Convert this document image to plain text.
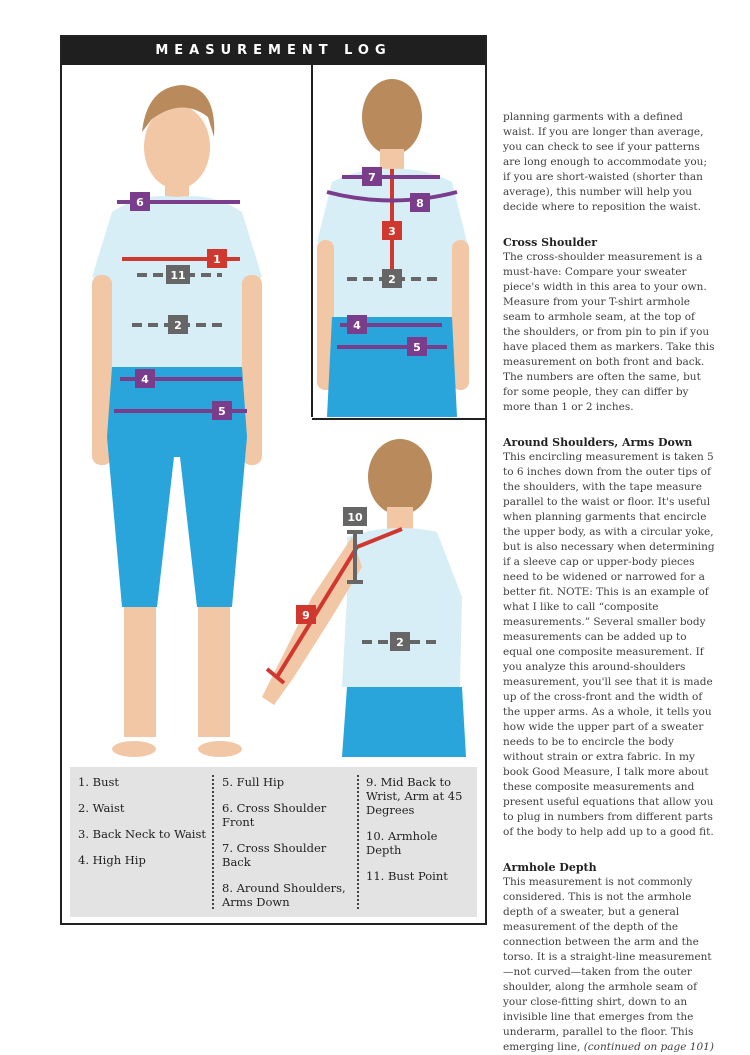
MEASUREMENT LOG
6
1
11
2
4
5
7
8
3
2
4
5
10
9
2
1. Bust
2. Waist
3. Back Neck to Waist
4. High Hip
5. Full Hip
6. Cross Shoulder Front
7. Cross Shoulder Back
8. Around Shoulders, Arms Down
9. Mid Back to Wrist, Arm at 45 Degrees
10. Armhole Depth
11. Bust Point

planning garments with a defined waist. If you are longer than average, you can check to see if your patterns are long enough to accommodate you; if you are short-waisted (shorter than average), this number will help you decide where to reposition the waist.

Cross Shoulder

The cross-shoulder measurement is a must-have: Compare your sweater piece's width in this area to your own. Measure from your T-shirt armhole seam to armhole seam, at the top of the shoulders, or from pin to pin if you have placed them as markers. Take this measurement on both front and back. The numbers are often the same, but for some people, they can differ by more than 1 or 2 inches.

Around Shoulders, Arms Down

This encircling measurement is taken 5 to 6 inches down from the outer tips of the shoulders, with the tape measure parallel to the waist or floor. It's useful when planning garments that encircle the upper body, as with a circular yoke, but is also necessary when determining if a sleeve cap or upper-body pieces need to be widened or narrowed for a better fit. NOTE: This is an example of what I like to call “composite measurements.” Several smaller body measurements can be added up to equal one composite measurement. If you analyze this around-shoulders measurement, you'll see that it is made up of the cross-front and the width of the upper arms. As a whole, it tells you how wide the upper part of a sweater needs to be to encircle the body without strain or extra fabric. In my book Good Measure, I talk more about these composite measurements and present useful equations that allow you to plug in numbers from different parts of the body to help add up to a good fit.

Armhole Depth

This measurement is not commonly considered. This is not the armhole depth of a sweater, but a general measurement of the depth of the connection between the arm and the torso. It is a straight-line measurement—not curved—taken from the outer shoulder, along the armhole seam of your close-fitting shirt, down to an invisible line that emerges from the underarm, parallel to the floor. This emerging line, (continued on page 101)
